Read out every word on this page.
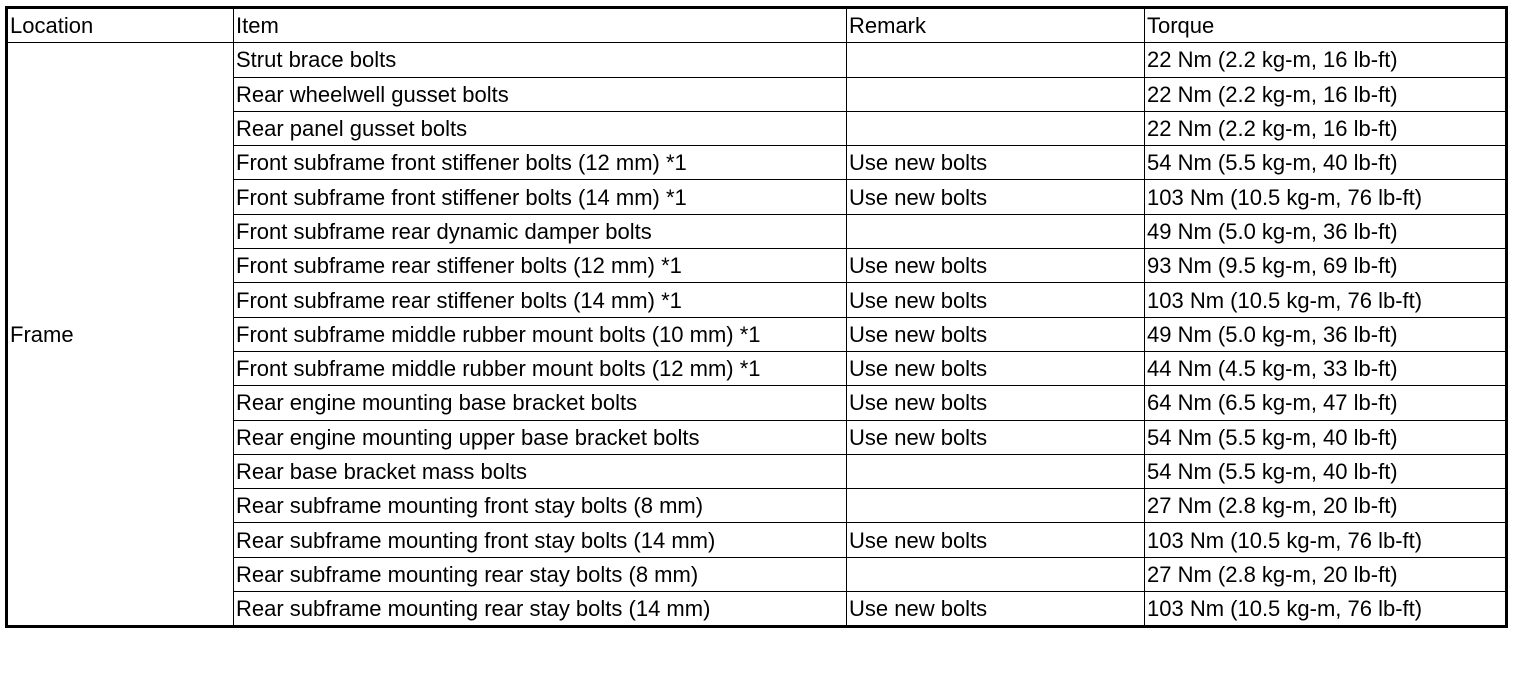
Location	Item	Remark	Torque
Frame	Strut brace bolts		22 Nm (2.2 kg-m, 16 lb-ft)
	Rear wheelwell gusset bolts		22 Nm (2.2 kg-m, 16 lb-ft)
	Rear panel gusset bolts		22 Nm (2.2 kg-m, 16 lb-ft)
	Front subframe front stiffener bolts (12 mm) *1	Use new bolts	54 Nm (5.5 kg-m, 40 lb-ft)
	Front subframe front stiffener bolts (14 mm) *1	Use new bolts	103 Nm (10.5 kg-m, 76 lb-ft)
	Front subframe rear dynamic damper bolts		49 Nm (5.0 kg-m, 36 lb-ft)
	Front subframe rear stiffener bolts (12 mm) *1	Use new bolts	93 Nm (9.5 kg-m, 69 lb-ft)
	Front subframe rear stiffener bolts (14 mm) *1	Use new bolts	103 Nm (10.5 kg-m, 76 lb-ft)
	Front subframe middle rubber mount bolts (10 mm) *1	Use new bolts	49 Nm (5.0 kg-m, 36 lb-ft)
	Front subframe middle rubber mount bolts (12 mm) *1	Use new bolts	44 Nm (4.5 kg-m, 33 lb-ft)
	Rear engine mounting base bracket bolts	Use new bolts	64 Nm (6.5 kg-m, 47 lb-ft)
	Rear engine mounting upper base bracket bolts	Use new bolts	54 Nm (5.5 kg-m, 40 lb-ft)
	Rear base bracket mass bolts		54 Nm (5.5 kg-m, 40 lb-ft)
	Rear subframe mounting front stay bolts (8 mm)		27 Nm (2.8 kg-m, 20 lb-ft)
	Rear subframe mounting front stay bolts (14 mm)	Use new bolts	103 Nm (10.5 kg-m, 76 lb-ft)
	Rear subframe mounting rear stay bolts (8 mm)		27 Nm (2.8 kg-m, 20 lb-ft)
	Rear subframe mounting rear stay bolts (14 mm)	Use new bolts	103 Nm (10.5 kg-m, 76 lb-ft)
